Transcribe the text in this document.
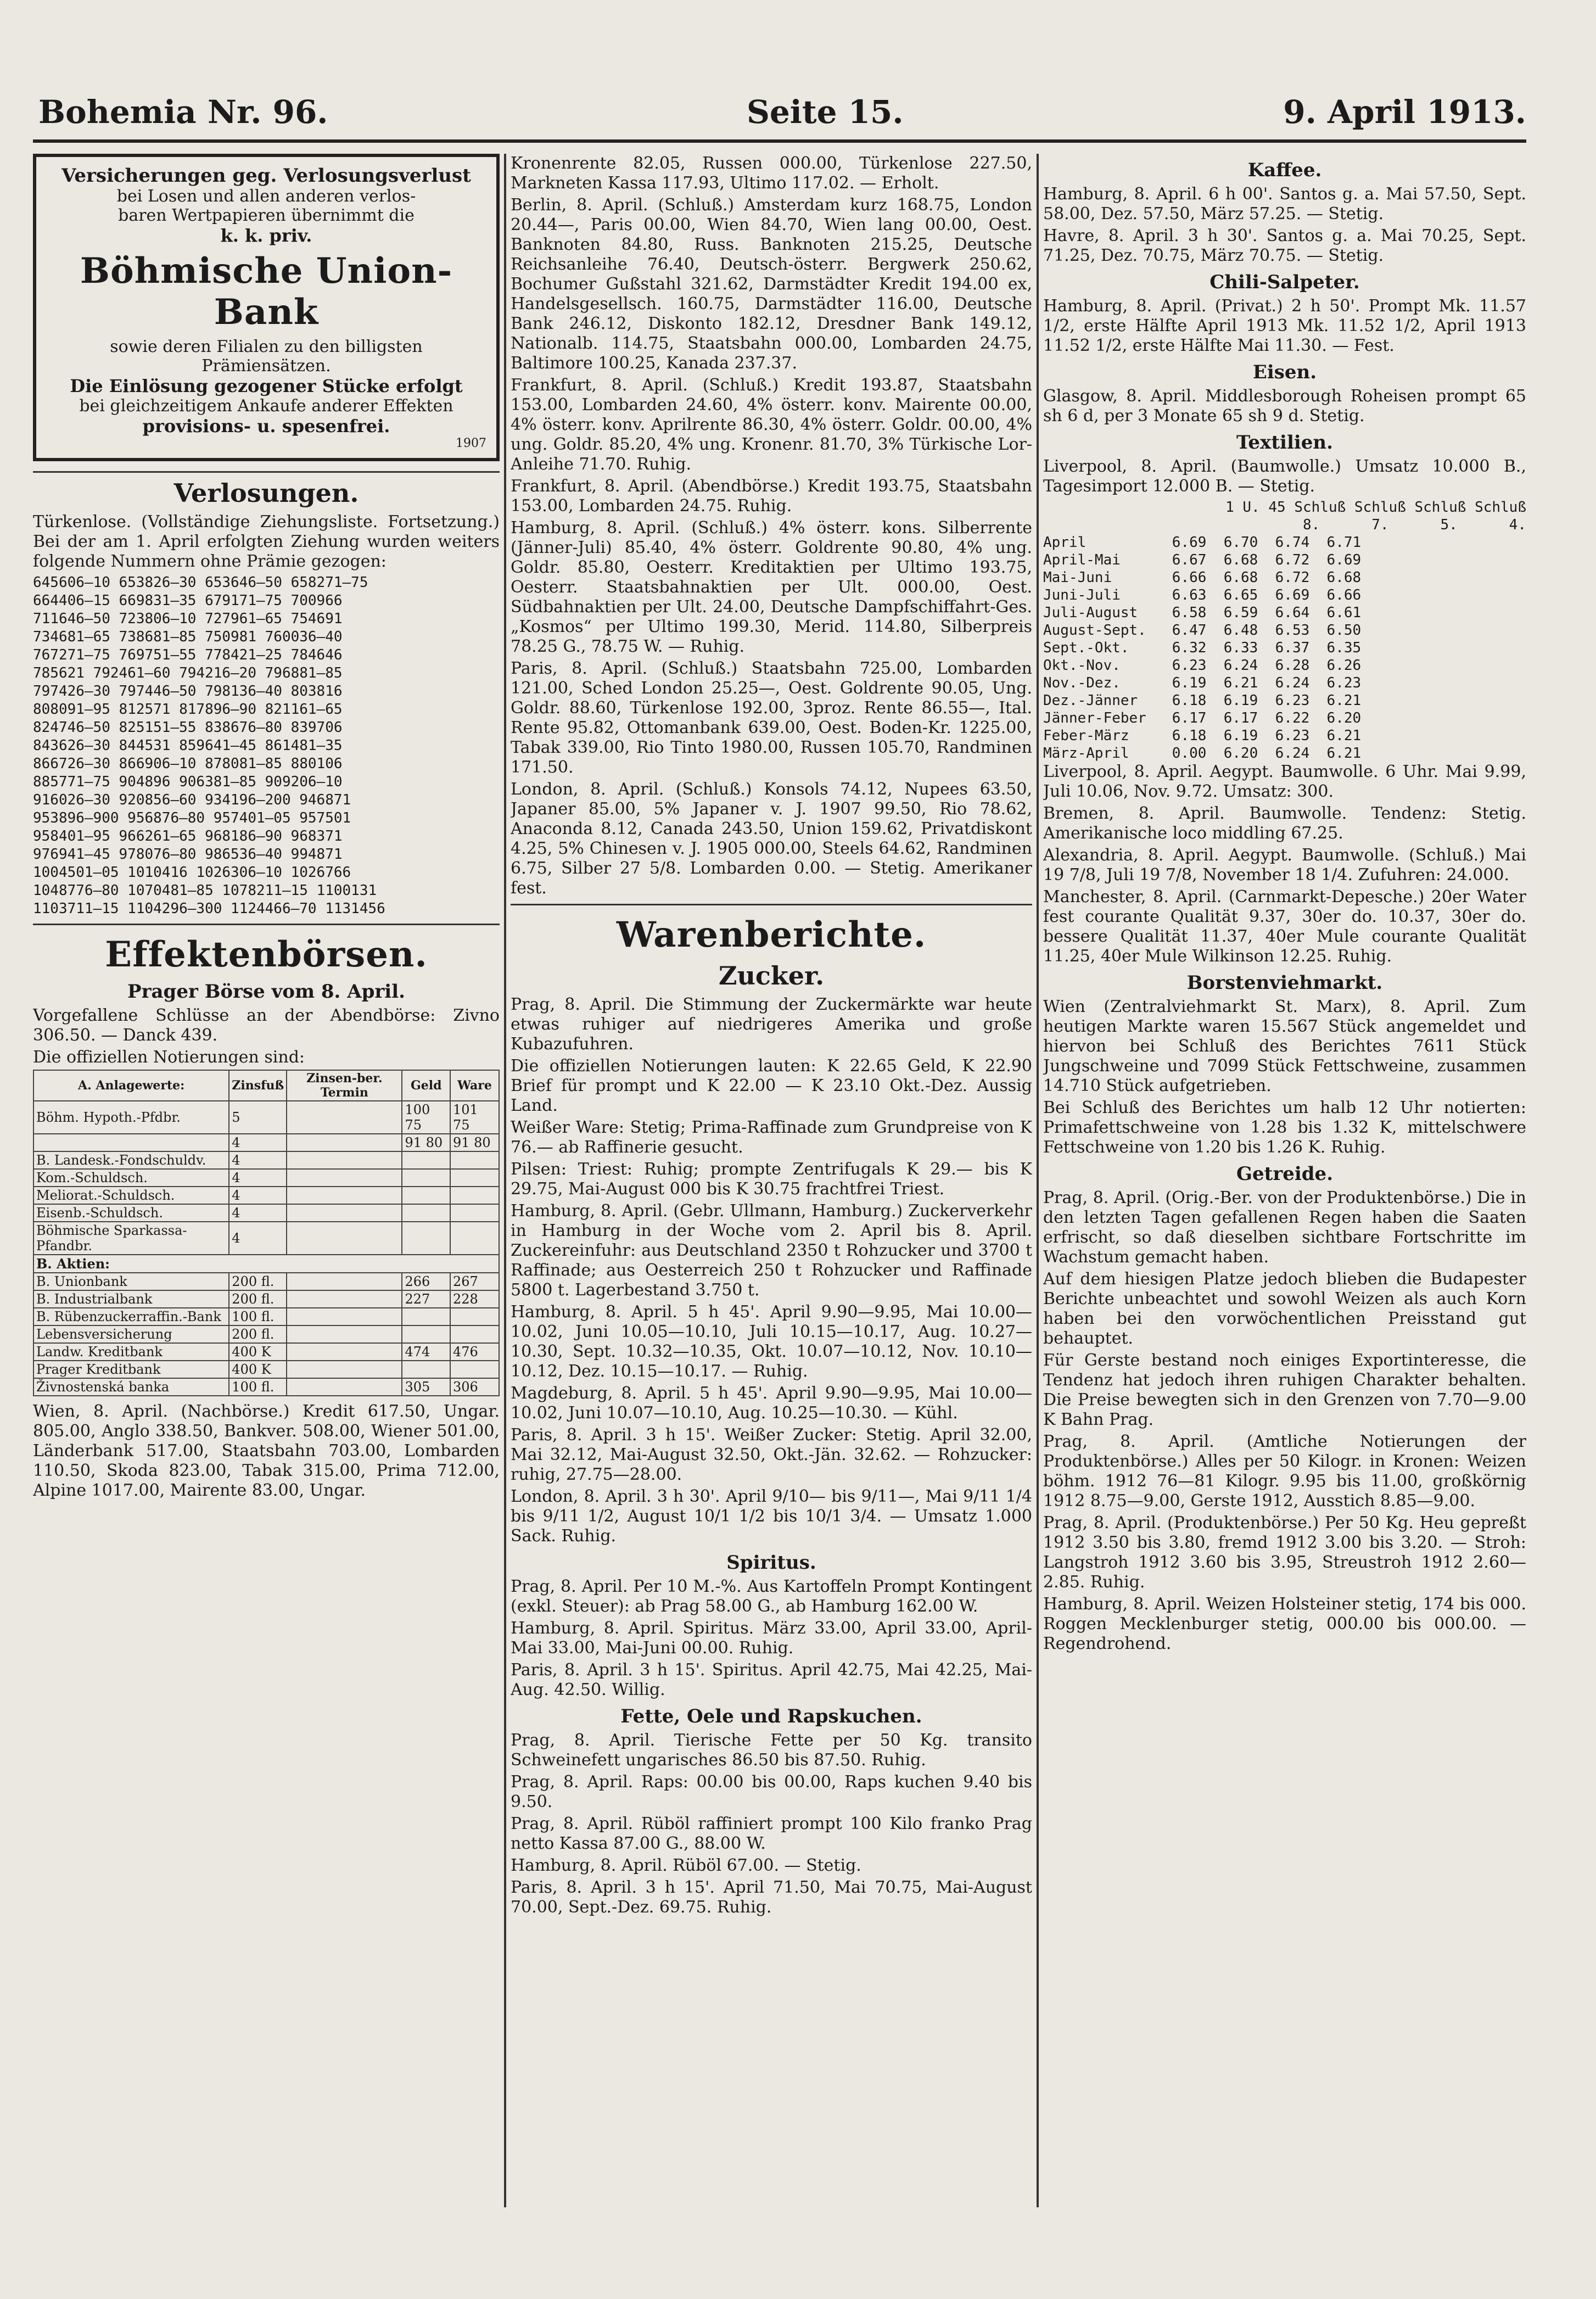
Bohemia Nr. 96.	Seite 15.	9. April 1913.
Versicherungen geg. Verlosungsverlust
bei Losen und allen anderen verlos-
baren Wertpapieren übernimmt die
k. k. priv.
Böhmische Union-Bank
sowie deren Filialen zu den billigsten
Prämiensätzen.
Die Einlösung gezogener Stücke erfolgt
bei gleichzeitigem Ankaufe anderer Effekten
provisions- u. spesenfrei.
1907
Verlosungen.
Türkenlose. (Vollständige Ziehungsliste. Fortsetzung.) Bei der am 1. April erfolgten Ziehung wurden weiters folgende Nummern ohne Prämie gezogen:
645606—10 653826—30 653646—50 658271—75
664406—15 669831—35 679171—75 700966
711646—50 723806—10 727961—65 754691
734681—65 738681—85 750981 760036—40
767271—75 769751—55 778421—25 784646
785621 792461—60 794216—20 796881—85
797426—30 797446—50 798136—40 803816
808091—95 812571 817896—90 821161—65
824746—50 825151—55 838676—80 839706
843626—30 844531 859641—45 861481—35
866726—30 866906—10 878081—85 880106
885771—75 904896 906381—85 909206—10
916026—30 920856—60 934196—200 946871
953896—900 956876—80 957401—05 957501
958401—95 966261—65 968186—90 968371
976941—45 978076—80 986536—40 994871
1004501—05 1010416 1026306—10 1026766
1048776—80 1070481—85 1078211—15 1100131
1103711—15 1104296—300 1124466—70 1131456
Effektenbörsen.
Prager Börse vom 8. April.
Vorgefallene Schlüsse an der Abendbörse: Zivno 306.50. — Danck 439.
Die offiziellen Notierungen sind:
A. Anlagewerte:	Zinsfuß	Zinsen-ber. Termin	Geld	Ware
Böhm. Hypoth.-Pfdbr.	5		100 75	101 75
	4		91 80	91 80
B. Landesk.-Fondschuldv.	4			
Kom.-Schuldsch.	4			
Meliorat.-Schuldsch.	4			
Eisenb.-Schuldsch.	4			
Böhmische Sparkassa-Pfandbr.	4			
B. Aktien:				
B. Unionbank	200 fl.		266	267
B. Industrialbank	200 fl.		227	228
B. Rübenzuckerraffin.-Bank	100 fl.			
Lebensversicherung	200 fl.			
Landw. Kreditbank	400 K		474	476
Prager Kreditbank	400 K			
Živnostenská banka	100 fl.		305	306
Wien, 8. April. (Nachbörse.) Kredit 617.50, Ungar. 805.00, Anglo 338.50, Bankver. 508.00, Wiener 501.00, Länderbank 517.00, Staatsbahn 703.00, Lombarden 110.50, Skoda 823.00, Tabak 315.00, Prima 712.00, Alpine 1017.00, Mairente 83.00, Ungar.
Kronenrente 82.05, Russen 000.00, Türkenlose 227.50, Markneten Kassa 117.93, Ultimo 117.02. — Erholt.
Berlin, 8. April. (Schluß.) Amsterdam kurz 168.75, London 20.44—, Paris 00.00, Wien 84.70, Wien lang 00.00, Oest. Banknoten 84.80, Russ. Banknoten 215.25, Deutsche Reichsanleihe 76.40, Deutsch-österr. Bergwerk 250.62, Bochumer Gußstahl 321.62, Darmstädter Kredit 194.00 ex, Handelsgesellsch. 160.75, Darmstädter 116.00, Deutsche Bank 246.12, Diskonto 182.12, Dresdner Bank 149.12, Nationalb. 114.75, Staatsbahn 000.00, Lombarden 24.75, Baltimore 100.25, Kanada 237.37.
Frankfurt, 8. April. (Schluß.) Kredit 193.87, Staatsbahn 153.00, Lombarden 24.60, 4% österr. konv. Mairente 00.00, 4% österr. konv. Aprilrente 86.30, 4% österr. Goldr. 00.00, 4% ung. Goldr. 85.20, 4% ung. Kronenr. 81.70, 3% Türkische Lor-Anleihe 71.70. Ruhig.
Frankfurt, 8. April. (Abendbörse.) Kredit 193.75, Staatsbahn 153.00, Lombarden 24.75. Ruhig.
Hamburg, 8. April. (Schluß.) 4% österr. kons. Silberrente (Jänner-Juli) 85.40, 4% österr. Goldrente 90.80, 4% ung. Goldr. 85.80, Oesterr. Kreditaktien per Ultimo 193.75, Oesterr. Staatsbahnaktien per Ult. 000.00, Oest. Südbahnaktien per Ult. 24.00, Deutsche Dampfschiffahrt-Ges. „Kosmos“ per Ultimo 199.30, Merid. 114.80, Silberpreis 78.25 G., 78.75 W. — Ruhig.
Paris, 8. April. (Schluß.) Staatsbahn 725.00, Lombarden 121.00, Sched London 25.25—, Oest. Goldrente 90.05, Ung. Goldr. 88.60, Türkenlose 192.00, 3proz. Rente 86.55—, Ital. Rente 95.82, Ottomanbank 639.00, Oest. Boden-Kr. 1225.00, Tabak 339.00, Rio Tinto 1980.00, Russen 105.70, Randminen 171.50.
London, 8. April. (Schluß.) Konsols 74.12, Nupees 63.50, Japaner 85.00, 5% Japaner v. J. 1907 99.50, Rio 78.62, Anaconda 8.12, Canada 243.50, Union 159.62, Privatdiskont 4.25, 5% Chinesen v. J. 1905 000.00, Steels 64.62, Randminen 6.75, Silber 27 5/8. Lombarden 0.00. — Stetig. Amerikaner fest.
Warenberichte.
Zucker.
Prag, 8. April. Die Stimmung der Zuckermärkte war heute etwas ruhiger auf niedrigeres Amerika und große Kubazufuhren.
Die offiziellen Notierungen lauten: K 22.65 Geld, K 22.90 Brief für prompt und K 22.00 — K 23.10 Okt.-Dez. Aussig Land.
Weißer Ware: Stetig; Prima-Raffinade zum Grundpreise von K 76.— ab Raffinerie gesucht.
Pilsen: Triest: Ruhig; prompte Zentrifugals K 29.— bis K 29.75, Mai-August 000 bis K 30.75 frachtfrei Triest.
Hamburg, 8. April. (Gebr. Ullmann, Hamburg.) Zuckerverkehr in Hamburg in der Woche vom 2. April bis 8. April. Zuckereinfuhr: aus Deutschland 2350 t Rohzucker und 3700 t Raffinade; aus Oesterreich 250 t Rohzucker und Raffinade 5800 t. Lagerbestand 3.750 t.
Hamburg, 8. April. 5 h 45'. April 9.90—9.95, Mai 10.00—10.02, Juni 10.05—10.10, Juli 10.15—10.17, Aug. 10.27—10.30, Sept. 10.32—10.35, Okt. 10.07—10.12, Nov. 10.10—10.12, Dez. 10.15—10.17. — Ruhig.
Magdeburg, 8. April. 5 h 45'. April 9.90—9.95, Mai 10.00—10.02, Juni 10.07—10.10, Aug. 10.25—10.30. — Kühl.
Paris, 8. April. 3 h 15'. Weißer Zucker: Stetig. April 32.00, Mai 32.12, Mai-August 32.50, Okt.-Jän. 32.62. — Rohzucker: ruhig, 27.75—28.00.
London, 8. April. 3 h 30'. April 9/10— bis 9/11—, Mai 9/11 1/4 bis 9/11 1/2, August 10/1 1/2 bis 10/1 3/4. — Umsatz 1.000 Sack. Ruhig.
Spiritus.
Prag, 8. April. Per 10 M.-%. Aus Kartoffeln Prompt Kontingent (exkl. Steuer): ab Prag 58.00 G., ab Hamburg 162.00 W.
Hamburg, 8. April. Spiritus. März 33.00, April 33.00, April-Mai 33.00, Mai-Juni 00.00. Ruhig.
Paris, 8. April. 3 h 15'. Spiritus. April 42.75, Mai 42.25, Mai-Aug. 42.50. Willig.
Fette, Oele und Rapskuchen.
Prag, 8. April. Tierische Fette per 50 Kg. transito Schweinefett ungarisches 86.50 bis 87.50. Ruhig.
Prag, 8. April. Raps: 00.00 bis 00.00, Raps kuchen 9.40 bis 9.50.
Prag, 8. April. Rüböl raffiniert prompt 100 Kilo franko Prag netto Kassa 87.00 G., 88.00 W.
Hamburg, 8. April. Rüböl 67.00. — Stetig.
Paris, 8. April. 3 h 15'. April 71.50, Mai 70.75, Mai-August 70.00, Sept.-Dez. 69.75. Ruhig.
Kaffee.
Hamburg, 8. April. 6 h 00'. Santos g. a. Mai 57.50, Sept. 58.00, Dez. 57.50, März 57.25. — Stetig.
Havre, 8. April. 3 h 30'. Santos g. a. Mai 70.25, Sept. 71.25, Dez. 70.75, März 70.75. — Stetig.
Chili-Salpeter.
Hamburg, 8. April. (Privat.) 2 h 50'. Prompt Mk. 11.57 1/2, erste Hälfte April 1913 Mk. 11.52 1/2, April 1913 11.52 1/2, erste Hälfte Mai 11.30. — Fest.
Eisen.
Glasgow, 8. April. Middlesborough Roheisen prompt 65 sh 6 d, per 3 Monate 65 sh 9 d. Stetig.
Textilien.
Liverpool, 8. April. (Baumwolle.) Umsatz 10.000 B., Tagesimport 12.000 B. — Stetig.
1 U. 45 Schluß Schluß Schluß Schluß
8.      7.      5.      4.
April          6.69  6.70  6.74  6.71
April-Mai      6.67  6.68  6.72  6.69
Mai-Juni       6.66  6.68  6.72  6.68
Juni-Juli      6.63  6.65  6.69  6.66
Juli-August    6.58  6.59  6.64  6.61
August-Sept.   6.47  6.48  6.53  6.50
Sept.-Okt.     6.32  6.33  6.37  6.35
Okt.-Nov.      6.23  6.24  6.28  6.26
Nov.-Dez.      6.19  6.21  6.24  6.23
Dez.-Jänner    6.18  6.19  6.23  6.21
Jänner-Feber   6.17  6.17  6.22  6.20
Feber-März     6.18  6.19  6.23  6.21
März-April     0.00  6.20  6.24  6.21
Liverpool, 8. April. Aegypt. Baumwolle. 6 Uhr. Mai 9.99, Juli 10.06, Nov. 9.72. Umsatz: 300.
Bremen, 8. April. Baumwolle. Tendenz: Stetig. Amerikanische loco middling 67.25.
Alexandria, 8. April. Aegypt. Baumwolle. (Schluß.) Mai 19 7/8, Juli 19 7/8, November 18 1/4. Zufuhren: 24.000.
Manchester, 8. April. (Carnmarkt-Depesche.) 20er Water fest courante Qualität 9.37, 30er do. 10.37, 30er do. bessere Qualität 11.37, 40er Mule courante Qualität 11.25, 40er Mule Wilkinson 12.25. Ruhig.
Borstenviehmarkt.
Wien (Zentralviehmarkt St. Marx), 8. April. Zum heutigen Markte waren 15.567 Stück angemeldet und hiervon bei Schluß des Berichtes 7611 Stück Jungschweine und 7099 Stück Fettschweine, zusammen 14.710 Stück aufgetrieben.
Bei Schluß des Berichtes um halb 12 Uhr notierten: Primafettschweine von 1.28 bis 1.32 K, mittelschwere Fettschweine von 1.20 bis 1.26 K. Ruhig.
Getreide.
Prag, 8. April. (Orig.-Ber. von der Produktenbörse.) Die in den letzten Tagen gefallenen Regen haben die Saaten erfrischt, so daß dieselben sichtbare Fortschritte im Wachstum gemacht haben.
Auf dem hiesigen Platze jedoch blieben die Budapester Berichte unbeachtet und sowohl Weizen als auch Korn haben bei den vorwöchentlichen Preisstand gut behauptet.
Für Gerste bestand noch einiges Exportinteresse, die Tendenz hat jedoch ihren ruhigen Charakter behalten. Die Preise bewegten sich in den Grenzen von 7.70—9.00 K Bahn Prag.
Prag, 8. April. (Amtliche Notierungen der Produktenbörse.) Alles per 50 Kilogr. in Kronen: Weizen böhm. 1912 76—81 Kilogr. 9.95 bis 11.00, großkörnig 1912 8.75—9.00, Gerste 1912, Ausstich 8.85—9.00.
Prag, 8. April. (Produktenbörse.) Per 50 Kg. Heu gepreßt 1912 3.50 bis 3.80, fremd 1912 3.00 bis 3.20. — Stroh: Langstroh 1912 3.60 bis 3.95, Streustroh 1912 2.60—2.85. Ruhig.
Hamburg, 8. April. Weizen Holsteiner stetig, 174 bis 000. Roggen Mecklenburger stetig, 000.00 bis 000.00. — Regendrohend.
